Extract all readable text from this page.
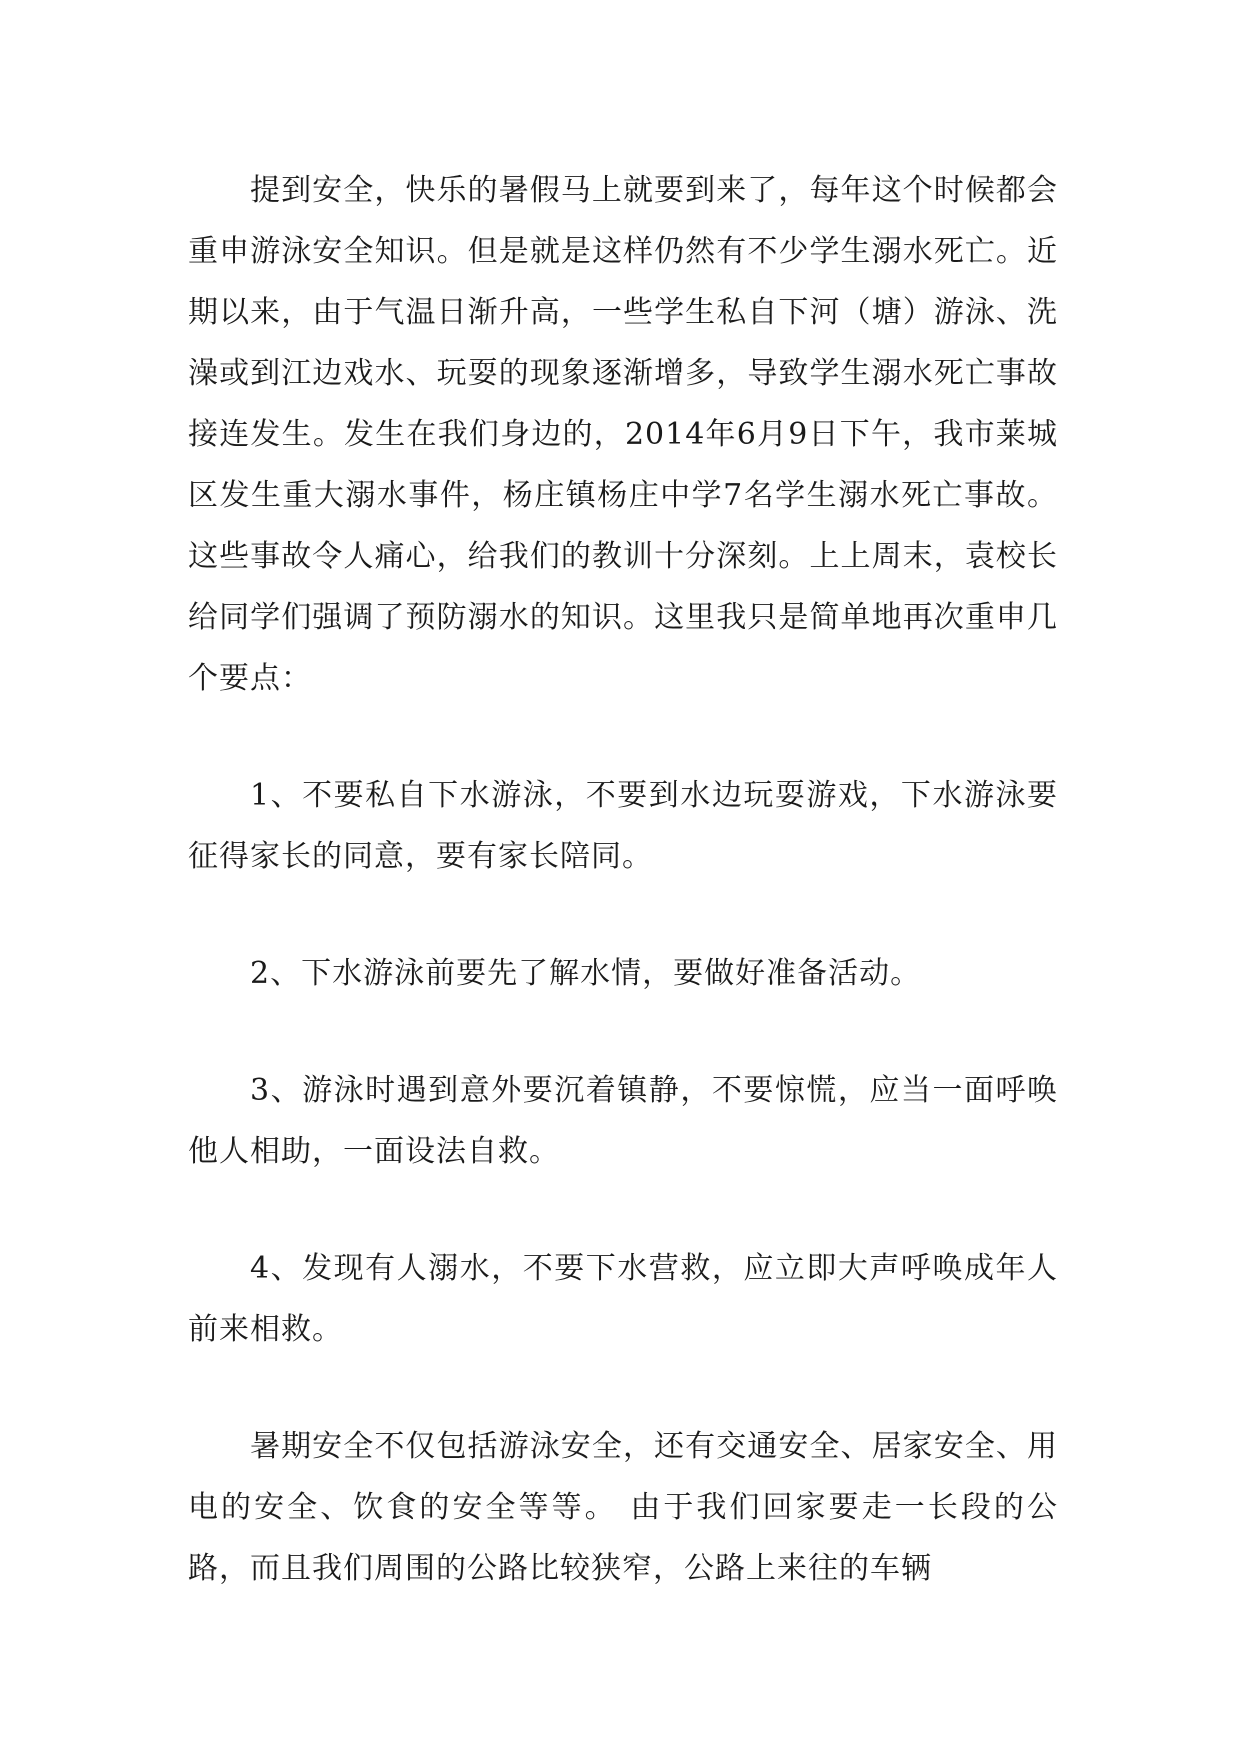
提到安全，快乐的暑假马上就要到来了，每年这个时候都会重申游泳安全知识。但是就是这样仍然有不少学生溺水死亡。近期以来，由于气温日渐升高，一些学生私自下河（塘）游泳、洗澡或到江边戏水、玩耍的现象逐渐增多，导致学生溺水死亡事故接连发生。发生在我们身边的，2014年6月9日下午，我市莱城区发生重大溺水事件，杨庄镇杨庄中学7名学生溺水死亡事故。这些事故令人痛心，给我们的教训十分深刻。上上周末，袁校长给同学们强调了预防溺水的知识。这里我只是简单地再次重申几个要点：

1、不要私自下水游泳，不要到水边玩耍游戏，下水游泳要征得家长的同意，要有家长陪同。

2、下水游泳前要先了解水情，要做好准备活动。

3、游泳时遇到意外要沉着镇静，不要惊慌，应当一面呼唤他人相助，一面设法自救。

4、发现有人溺水，不要下水营救，应立即大声呼唤成年人前来相救。

暑期安全不仅包括游泳安全，还有交通安全、居家安全、用电的安全、饮食的安全等等。 由于我们回家要走一长段的公路，而且我们周围的公路比较狭窄，公路上来往的车辆
